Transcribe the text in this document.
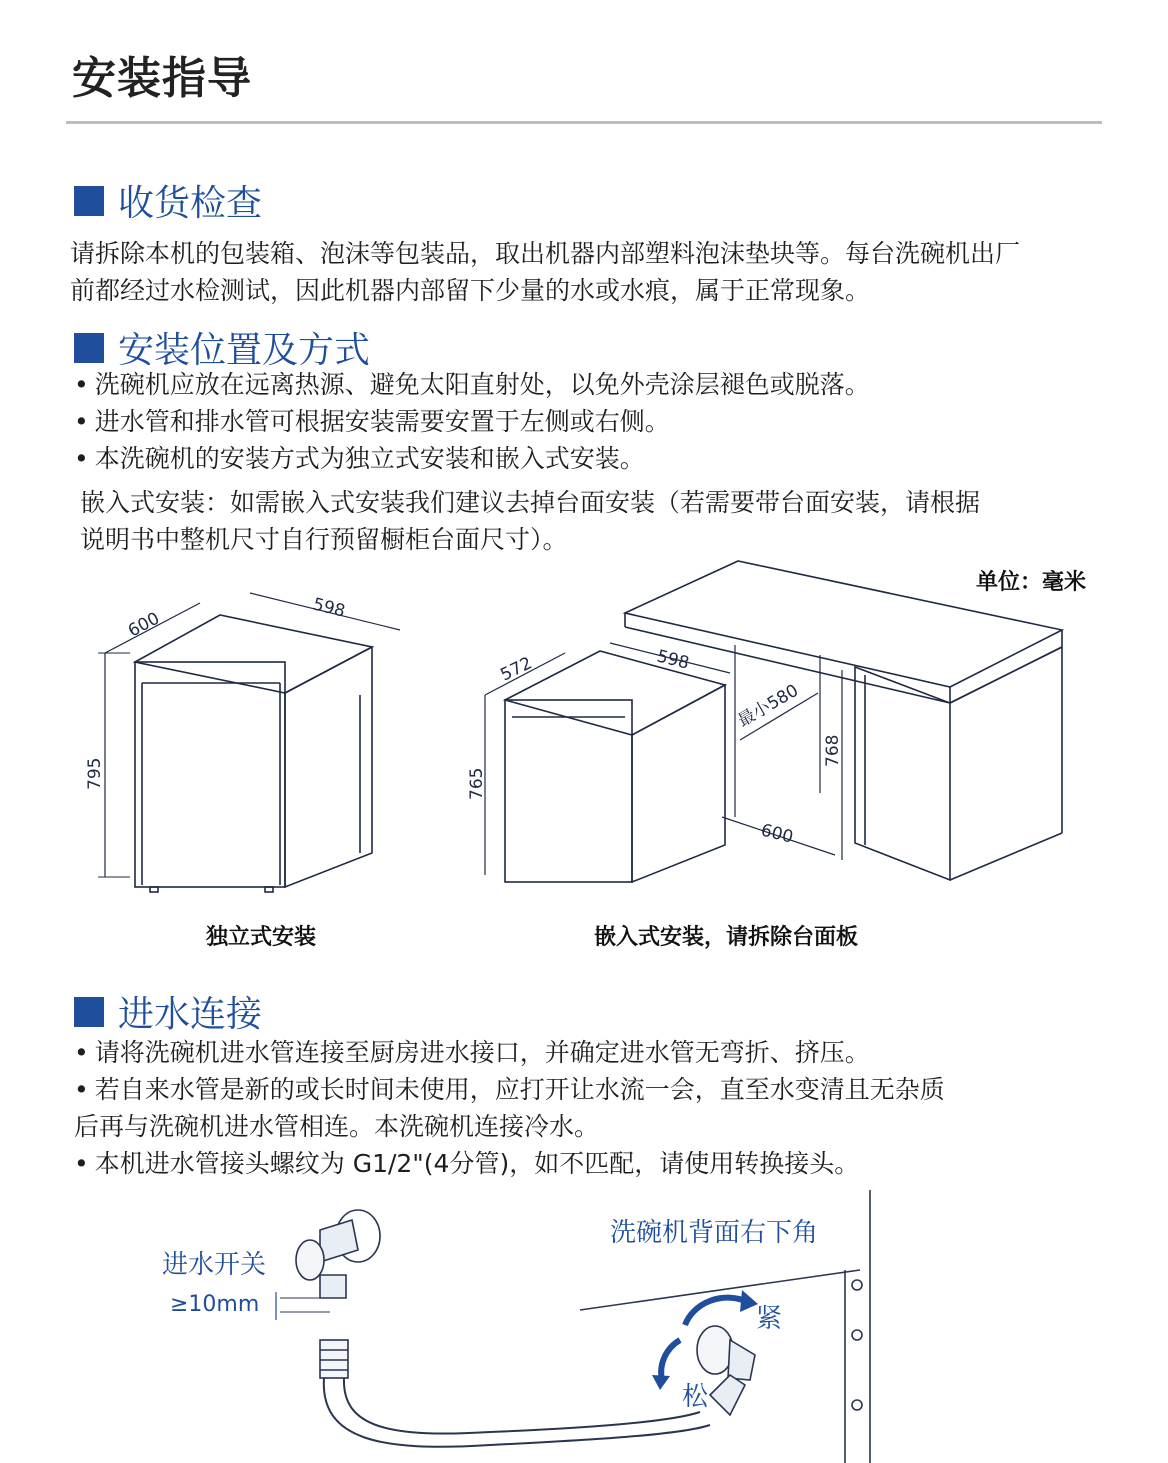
安装指导
收货检查
请拆除本机的包装箱、泡沫等包装品，取出机器内部塑料泡沫垫块等。每台洗碗机出厂
前都经过水检测试，因此机器内部留下少量的水或水痕，属于正常现象。
安装位置及方式
• 洗碗机应放在远离热源、避免太阳直射处，以免外壳涂层褪色或脱落。
• 进水管和排水管可根据安装需要安置于左侧或右侧。
• 本洗碗机的安装方式为独立式安装和嵌入式安装。
嵌入式安装：如需嵌入式安装我们建议去掉台面安装（若需要带台面安装，请根据
说明书中整机尺寸自行预留橱柜台面尺寸）。
单位：毫米
600
598
795
独立式安装
572	598
765
最小580
768
600
嵌入式安装，请拆除台面板
进水连接
• 请将洗碗机进水管连接至厨房进水接口，并确定进水管无弯折、挤压。
• 若自来水管是新的或长时间未使用，应打开让水流一会，直至水变清且无杂质
后再与洗碗机进水管相连。本洗碗机连接冷水。
• 本机进水管接头螺纹为 G1/2"(4分管)，如不匹配，请使用转换接头。
进水开关
≥10mm
洗碗机背面右下角
紧
松
